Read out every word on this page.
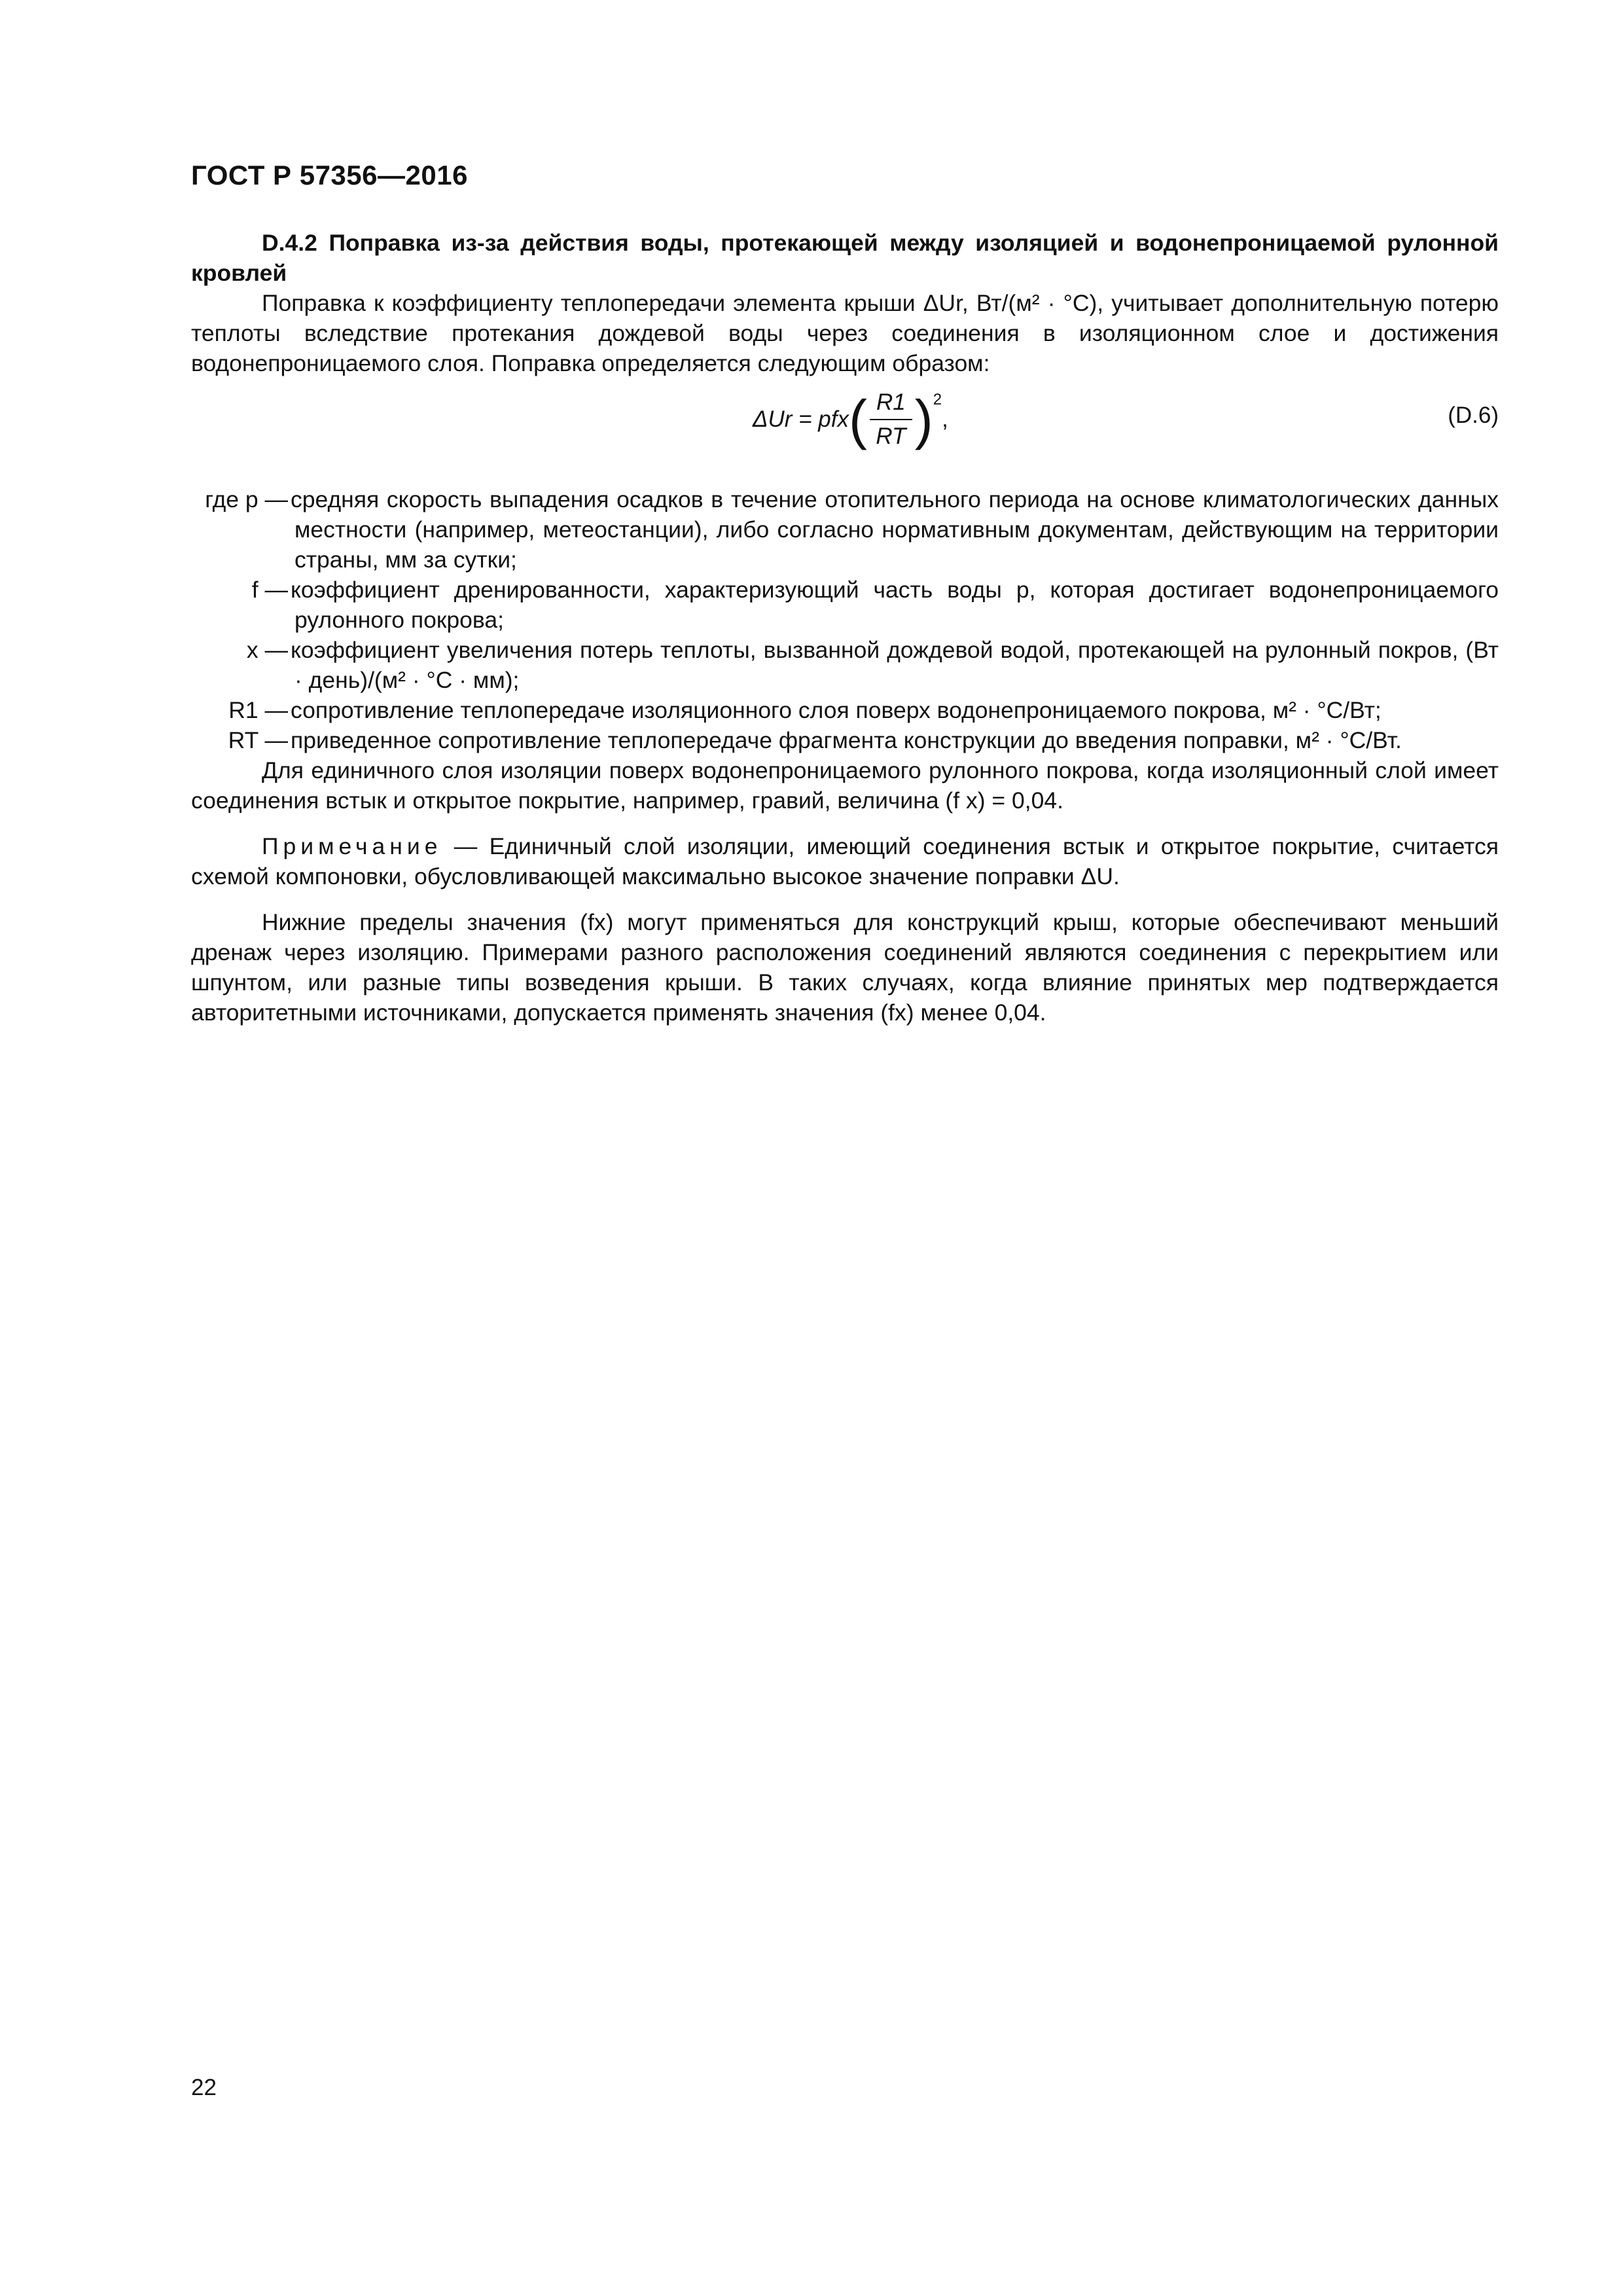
ГОСТ Р 57356—2016

D.4.2 Поправка из-за действия воды, протекающей между изоляцией и водонепроницаемой рулонной кровлей

Поправка к коэффициенту теплопередачи элемента крыши ΔUr, Вт/(м² · °С), учитывает дополнительную потерю теплоты вследствие протекания дождевой воды через соединения в изоляционном слое и достижения водонепроницаемого слоя. Поправка определяется следующим образом:

ΔUr = pfx ( $\frac{R1}{RT} )^2$
,	(D.6)
где p — средняя скорость выпадения осадков в течение отопительного периода на основе климатологических данных местности (например, метеостанции), либо согласно нормативным документам, действующим на территории страны, мм за сутки;
f — коэффициент дренированности, характеризующий часть воды p, которая достигает водонепроницаемого рулонного покрова;
x — коэффициент увеличения потерь теплоты, вызванной дождевой водой, протекающей на рулонный покров, (Вт · день)/(м² · °С · мм);
R1 — сопротивление теплопередаче изоляционного слоя поверх водонепроницаемого покрова, м² · °С/Вт;
RT — приведенное сопротивление теплопередаче фрагмента конструкции до введения поправки, м² · °С/Вт.

Для единичного слоя изоляции поверх водонепроницаемого рулонного покрова, когда изоляционный слой имеет соединения встык и открытое покрытие, например, гравий, величина (f x) = 0,04.

Примечание — Единичный слой изоляции, имеющий соединения встык и открытое покрытие, считается схемой компоновки, обусловливающей максимально высокое значение поправки ΔU.

Нижние пределы значения (fx) могут применяться для конструкций крыш, которые обеспечивают меньший дренаж через изоляцию. Примерами разного расположения соединений являются соединения с перекрытием или шпунтом, или разные типы возведения крыши. В таких случаях, когда влияние принятых мер подтверждается авторитетными источниками, допускается применять значения (fx) менее 0,04.

22
